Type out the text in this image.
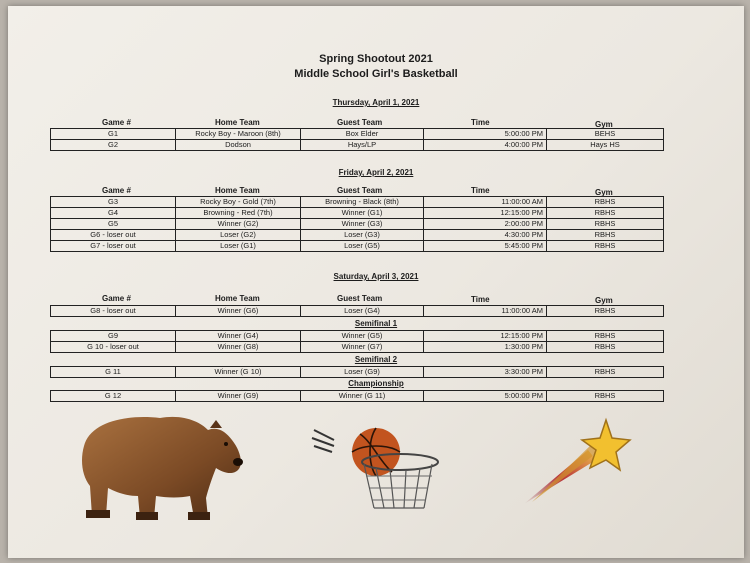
Spring Shootout 2021
Middle School Girl's Basketball
Thursday, April 1, 2021
Game #	Home Team	Guest Team	Time	Gym
G1	Rocky Boy - Maroon (8th)	Box Elder	5:00:00 PM	BEHS
G2	Dodson	Hays/LP	4:00:00 PM	Hays HS
Friday, April 2, 2021
Game #	Home Team	Guest Team	Time	Gym
G3	Rocky Boy - Gold (7th)	Browning - Black (8th)	11:00:00 AM	RBHS
G4	Browning - Red (7th)	Winner (G1)	12:15:00 PM	RBHS
G5	Winner (G2)	Winner (G3)	2:00:00 PM	RBHS
G6 - loser out	Loser (G2)	Loser (G3)	4:30:00 PM	RBHS
G7 - loser out	Loser (G1)	Loser (G5)	5:45:00 PM	RBHS
Saturday, April 3, 2021
Game #	Home Team	Guest Team	Time	Gym
G8 - loser out	Winner (G6)	Loser (G4)	11:00:00 AM	RBHS
Semifinal 1
G9	Winner (G4)	Winner (G5)	12:15:00 PM	RBHS
G 10 - loser out	Winner (G8)	Winner (G7)	1:30:00 PM	RBHS
Semifinal 2
G 11	Winner (G 10)	Loser (G9)	3:30:00 PM	RBHS
Championship
G 12	Winner (G9)	Winner (G 11)	5:00:00 PM	RBHS
